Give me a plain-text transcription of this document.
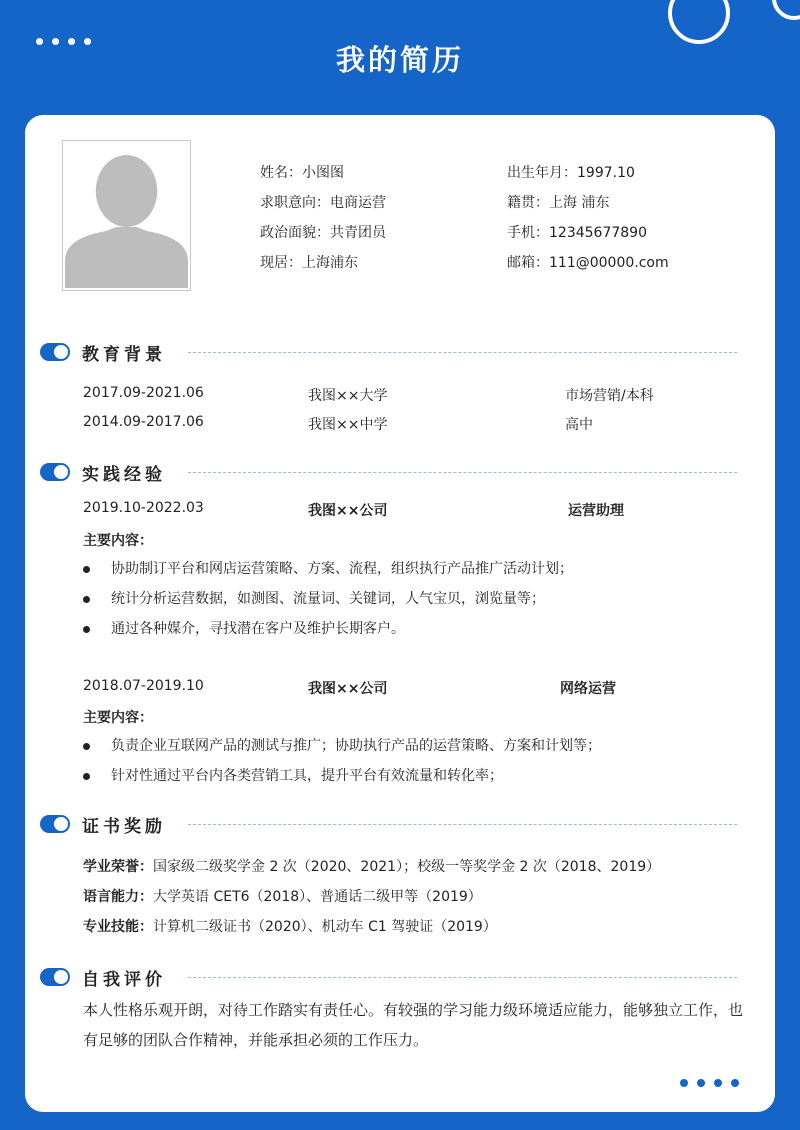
我的简历
姓名：小图图
求职意向：电商运营
政治面貌：共青团员
现居：上海浦东
出生年月：1997.10
籍贯：上海 浦东
手机：12345677890
邮箱：111@00000.com
教育背景
2017.09-2021.06	我图××大学	市场营销/本科
2014.09-2017.06	我图××中学	高中
实践经验
2019.10-2022.03	我图××公司	运营助理
主要内容：
协助制订平台和网店运营策略、方案、流程，组织执行产品推广活动计划；
统计分析运营数据，如测图、流量词、关键词，人气宝贝，浏览量等；
通过各种媒介，寻找潜在客户及维护长期客户。
2018.07-2019.10	我图××公司	网络运营
主要内容：
负责企业互联网产品的测试与推广；协助执行产品的运营策略、方案和计划等；
针对性通过平台内各类营销工具，提升平台有效流量和转化率；
证书奖励
学业荣誉：国家级二级奖学金 2 次（2020、2021）；校级一等奖学金 2 次（2018、2019）
语言能力：大学英语 CET6（2018）、普通话二级甲等（2019）
专业技能：计算机二级证书（2020）、机动车 C1 驾驶证（2019）
自我评价
本人性格乐观开朗，对待工作踏实有责任心。有较强的学习能力级环境适应能力，能够独立工作，也有足够的团队合作精神，并能承担必须的工作压力。
